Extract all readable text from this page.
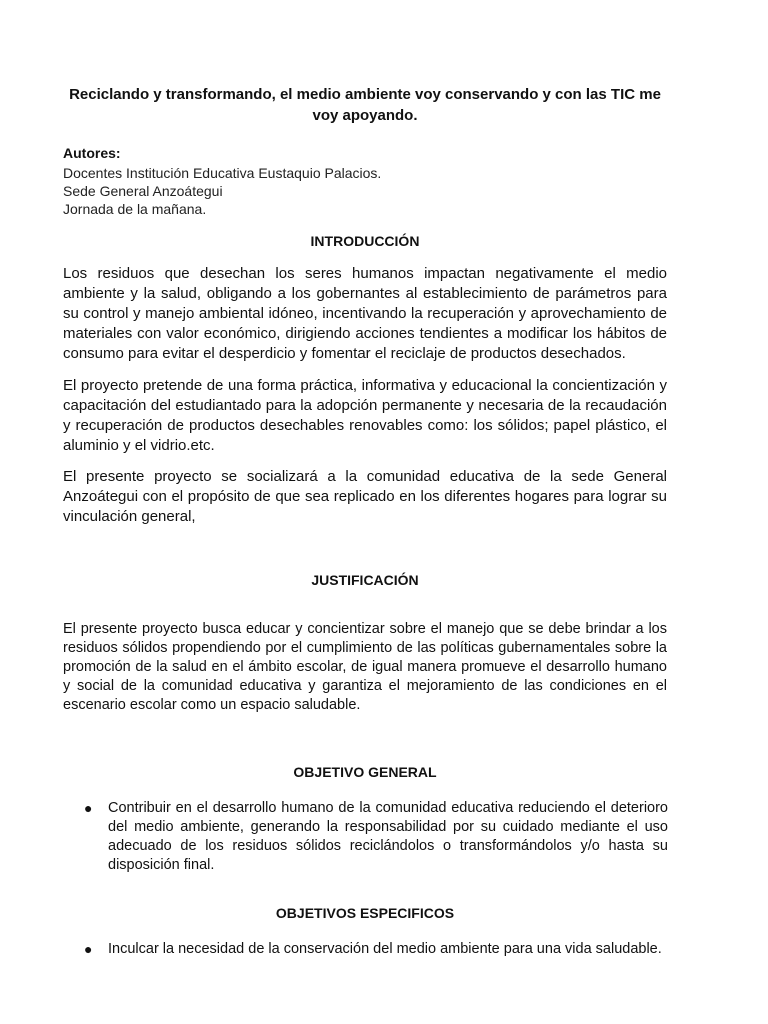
Reciclando y transformando, el medio ambiente voy conservando y con las TIC me voy apoyando.

Autores:

Docentes Institución Educativa Eustaquio Palacios.

Sede General Anzoátegui

Jornada de la mañana.

INTRODUCCIÓN

Los residuos que desechan los seres humanos impactan negativamente el medio ambiente y la salud, obligando a los gobernantes al establecimiento de parámetros para su control y manejo ambiental idóneo, incentivando la recuperación y aprovechamiento de materiales con valor económico, dirigiendo acciones tendientes a modificar los hábitos de consumo para evitar el desperdicio y fomentar el reciclaje de productos desechados.

El proyecto pretende de una forma práctica, informativa y educacional la concientización y capacitación del estudiantado para la adopción permanente y necesaria de la recaudación y recuperación de productos desechables renovables como: los sólidos; papel plástico, el aluminio y el vidrio.etc.

El presente proyecto se socializará a la comunidad educativa de la sede General Anzoátegui con el propósito de que sea replicado en los diferentes hogares para lograr su vinculación general,

JUSTIFICACIÓN

El presente proyecto busca educar y concientizar sobre el manejo que se debe brindar a los residuos sólidos propendiendo por el cumplimiento de las políticas gubernamentales sobre la promoción de la salud en el ámbito escolar, de igual manera promueve el desarrollo humano y social de la comunidad educativa y garantiza el mejoramiento de las condiciones en el escenario escolar como un espacio saludable.

OBJETIVO GENERAL

●	Contribuir en el desarrollo humano de la comunidad educativa reduciendo el deterioro del medio ambiente, generando la responsabilidad por su cuidado mediante el uso adecuado de los residuos sólidos reciclándolos o transformándolos y/o hasta su disposición final.

OBJETIVOS ESPECIFICOS

●	Inculcar la necesidad de la conservación del medio ambiente para una vida saludable.
